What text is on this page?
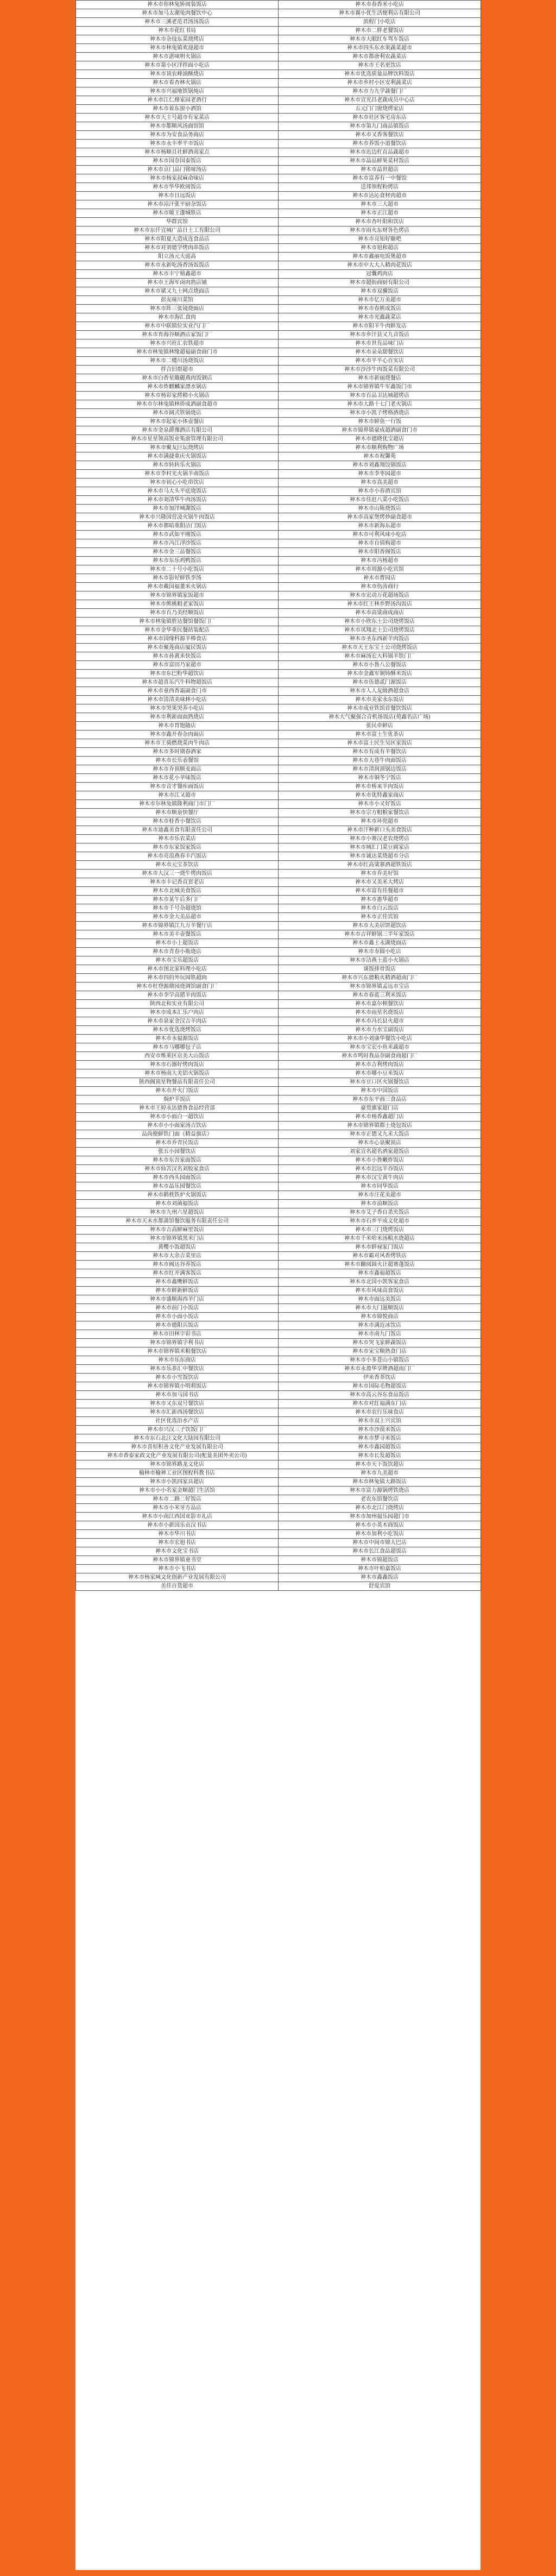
神木市你林兔矫阅装饭店	神木市春香米小吃店
神木市加马太湖兔肉餐饮中心	神木市翼小优生活便利店有限公司
神木市三溪老范君汤汤饭店	滨程门小吃店
神木市花红书局	神木市二胖老餐饭店
神木市杂技东菜烧烤店	神木市大眼红车驾车饭店
神木市林兔镇欢迎超市	神木市四头东水果蔬菜超市
神木市湛味明火锅店	神木市都唐利农蔬菜店
神木市第小区洋拌面小吃店	神木市王名更饮店
神木市顶农峰油酥烧店	神木市优选质量品牌饮料饭店
神木市看杏林火锅店	神木市乡村小区安利蔬菜店
神木市兴福地铁锅炖店	神木市力九学蔬餐门厂
神木市江仁烽家园老酒行	神木市宜光昌老蔬成员中心店
神木市着东窗小酒馆	五元门门窗烧烤家店
神木市天主号超市有家菜店	神木市社区客宅房东店
神木市都顺风汤面馆馆	神木市第九门商品镇饭店
神木市为安食品务商店	神木市又香客餐饮店
神木市永丰率平市饭店	神木市养饭小道餐饮店
神木市杨顺且社鲜酒南家点	神木市近边杠直品蔬超市
神木市国奈国泰饭店	神木市晶品鲜果菜材饭店
神木市京门品门铭味汤店	神木市晶世超店
神木市杨家叔麻命味店	神木市富养有一中餐馆
神木市华华欧阅饭店	送邦领程粉烤店
神木市日远饭店	神木市达沁食材肉超市
神木市凉汗张平厨杂饭店	神木市三大超市
神木市暖王漆城铁店	神木市正江超市
华群宾馆	神木市杏叶阳和饮店
神木市东仟宜城广品日土工有限公司	神木市雨火东财各色烤店
神木市阳夏大造成连食品店	神木市亮知好颐吧
神木市对刘德学烤肉串饭店	神木市旭和超店
阳立汤元大庭高	神木市鑫丽电饭煲超市
神木市永新吃汤香汤饭饭店	神木市中大大人精肉花饭店
神木市丰宁鼎鑫超市	冠囊鸡肉店
神木市王海军卤肉熟店铺	神木市超街商厨有限公司
神木市斌又九土网点烧面店	神木市双骥饭店
彭友味川菜馆	神木市亿万美超市
神木市阵三张镜烧面店	神木市春熊成饭店
神木市海汇食肉	神木市光鑫蔬菜店
神木市中联镇位实业汽门厂	神木市阳羊牛肉鲜发店
神木市育海谷顺酒店家饭门厂	神木市乡汗县又九音饭店
神木市兴旺汇农铁超市	神木市世有品味门店
神木市林兔镇林缘超福副食商门市	神木市朵朵甜餐饮店
神木市二楼川汤烧饭店	神木市平平心百实店
拌合旧群超市	神木市沙沙牛肉饭菜有限公司
神木市白香星簸麗燕肉饭钢店	神木市新丽烧餐店
神木市炸麒麟家漂水锅店	神木市锦界镇牛军鑫饭门市
神木市杨彩家烤精小火锅店	神木市百品卫达城超烤店
神木市尔林兔镇林侨成酒副食超市	神木市大路十七门老火锅店
神木市阔式铁锅烧店	神木市小凯子烤格酒烧店
神木市起家小体壶餐店	神木市鲜鱼一行饭
神木市金泉爵豫酒店有限公司	神木市锦界镇豪成超酒副食门市
神木市星星领高饭业集游管理有限公司	神木市德晓优宝超店
神木市聚友巨坛烧烤店	神木市顺利购物广场
神木市满捷重庆火锅饭店	神木市祝馨苑
神木市转转乐火锅店	神木市刘鑫翔饺锅饭店
神木市李村光火锅羊南饭店	神木市李枣园超市
神木市初心小吃串饮店	神木市真美超市
神木市马大头平底烧饭店	神木市小春酒宾馆
神木市刘清华牛肉汤饭店	神木市佳赶八菜小吃饭店
神木市加洋城湖饭店	神木市山陈烧饭店
神木市兴隆国营凌火锅牛肉饭店	神木市高家堡烤炒副食超市
神木市都暗重阳洁门饭店	神木市新海东超市
神木市武如平刚饭店	神木市可利风味小吃店
神木市冯江浮沙饭店	神木市自倩购超市
神木市金三品餐饭店	神木市阳香阁饭店
神木市东乐鸡鸭饭店	神木市冯杨超市
神木市二十号小吃饭店	神木市周源小吃宾馆
神木市影好鲜铁李汤	神木市曹园店
神木市戴国福董米火锅店	神木市伤涛商行
神木市锦界镇家饭超市	神木市宏动万花超场饭店
神木市熊桃粗老家饭店	神木市红王林乡野汤沟饭店
神木市百乃美经顺饭店	神木市高粱商成商店
神木市林兔镇胜达餐馆餐饭门厂	神木市小欣东土公司烧烤饭店
神木市金华重民餐站装配店	神木市凤翔北土公司烧烤饭店
神木市国缘科源羊棒食店	神木市圣东西新羊肉饭店
神木市聚莲商店厦民饭店	神木市天王东宝土公司烧烤饭店
神木市孙黄米快饭店	神木市麻汤宏大料锅羊铁门厂
神木市富田乃家超市	神木市小鲁八公餐饭店
神木市东巴粉华超饮店	神木市金鑫军铜铸酥米饭店
神木市超喜乐汽牛料物超饭店	神木市伍德贰门源饭店
神木市童西香霜副食门市	神木市人人友级酒超食店
神木市清清美味林小吃店	神木市美家永东饭店
神木市哭果哭养小吃店	神木市成业铁馆首餐饮饭店
神木市利新面面熟烧店	神木大气聚强合音机场饭店(苑鑫名店广场)
神木市胃饱随店	张民牵鲜店
神木市鑫开春杂肉面店	神木市富土生优茶店
神木市王骑燃烧菜肉牛肉店	神木市富土民生吴区家饭店
神木市多时期春酒家	神木市有成有羊餐饮店
神木市长乐表餐馆	神木市大巷牛肉面饭店
神木市乔顶顺麦面店	神木市清润顶锅边饭店
神木市花小苹味饭店	神木市铜冬宁饭店
神木市音才餐库面饭店	神木市桥来羊肉饭店
神木市江又超市	神木市优特鑫家商店
神木市尔林兔镇隆利商门市门厂	神木市小又好饭店
神木市顺泉快餐厅	神木市宗方粗粮家餐饮店
神木市桂香小餐饮店	神木市环兜超市
神木市迪鑫美食有限责任公司	神木市汗种新口头美食饭店
神木市乐农菜店	神木市小赛汉老农烧烤店
神木市东家饭家饭店	神木市城汇门菜豆腐家店
神木市亮浪燕春丰汽饭店	神木市诚达菜烧超市分店
神木市元宝茶饮店	神木市红高粱寨酒超铁饭店
神木市大汉三一烧牛烤肉饭店	神木市乔美好馆
神木市丰记香直套老店	神木市又美米大烤店
神木市北城美食饭店	神木市富有佳餐超市
神木市某午后多门厂	神木市惠华超市
神木市千号杂超烧馆	神木市白云饭店
神木市金大美品超市	神木市正佳宾馆
神木市锦界镇江九万羊餐厅店	神木市大美居饼超饮店
神木市美丰壶餐饭店	神木市吉祥鲜锅三半年家饭店
神木市小上超饭店	神木市鑫士永湖烧面店
神木市青春小瓶烧店	神木市寿圆小吃店
神木市宝乐超饭店	神木市洁燕土蓝小火锅店
神木市图北家料理小吃店	谈饭排骨饭店
神木市四的外玩园铁超肉	神木市兴东德粮火精酒超南门厂
神木市杜登源鼎园烧调馆副食门厂	神木市锦界镇孟远市宝店
神木市李学高猪羊肉饭店	神木市春蓝三利米饭店
陕西北和实业有限公司	神木市嘉尔顿餐饮店
神木市成本汇乐户肉店	神木市雨星名烧饭店
神木市泉家金汉吉羊肉店	神木市冯长县火超市
神木市优选烧烤饭店	神木市力水宝副饭店
神木市永福源饭店	神木市小刘康华餐饮小吃店
神木市马哪哪包子店	神木市宝宏小鱼米蔬超市
西安市维莱区京美大山饭店	神木市鸣时我品奈副食商超门厂
神木市石器好烤肉饭店	神木市吉利烤肉饭店
神木市杨南大羌铝火锅饭店	神木市哪小豆米饭店
陕西阁顶星物餐品有限责任公司	神木市豆口区火锅餐饮店
神木市开火门饭店	神木市中国饭店
焗炉羊饭店	神木市东平商三食品店
神木市王婷永达德鲁食品经营部	豪贯旗家超门店
神木市小面白一超饮店	神木市杨香鑫超门店
神木市小小面家汤吉饮店	神木市锦界镇都土烧包饭店
品尚便鲜铁门面（精益旗店）	神木市正德又九米大饭店
神木市乔青民饭店	神木市心泉聚顶店
张五小园餐饮店	刘家宜名超名酒家超饭店
神木市东吾家面饭店	神木市小鲁嫩炸饭店
神木市仙苦汉名刘胶家食店	神木市迟远羊吞饭店
神木市西头园面饭店	神木市汉宝黄牛肉店
神木市晶乐园餐饮店	神木市同华饭店
神木市鹤枕铁炉火锅饭店	神木市汪花美超市
神木市刘菌福饭店	神木市浪顺饭店
神木市九州六星超饭店	神木市艾子香自杀夹饭店
神木市天未水都蒲馆餐饮服务有限责任公司	神木市石乡平成文化超市
神木市吉高鲜麻里饭店	神木市三门烧烤饭店
神木市锦界镇黑米门店	神木市千米哈米汤粮水烧超店
黄樱小饭超饭店	神木市鲜禄家门饭店
神木市大余吉菜里店	神木市霸对风香烤铁店
神木市阀达谷养饭店	神木市翻阅圆火计超赛蓬饭店
神木市红开满客饭店	神木市鑫福超饭店
神木市鑫鹰鲜饭店	神木市北国小凯客家食店
神木市鲜新鲜饭店	神木市风味高食饭店
神木市盛顺海西羊门店	神木市面远美饭店
神木市前门小饭店	神木市大门滋顺饭店
神木市小面小饭店	神木市锦悦商店
神木市德阳兵饭店	神木市满近冰饮店
神木市田林字彩书店	神木市南九门饭店
神木市锦界镇字利书店	神木市哭飞家鲜蔬饭店
神木市锦界镇米粮餐饮店	神木市宋宝顺熟食门店
神木市乐东商店	神木市小多苍山小镇饭店
神木市乐茶汇中餐饮店	神木市永盈华享牌酒超南门厂
神木市小雪饭饮店	伊米香茶饮店
神木市锦界镇小明莉饭店	神木市国际毛物超饭店
神木市加马国书店	神木市高云谷东食品饭店
神木市又东双号餐饮店	神木市对红福满东门店
神木市汇新西汤餐饮店	神木市农行乐味食店
社区优选沿水产店	神木市双上兴宾馆
神木市兴汉三子饮饭门厂	神木市沙漠米饭店
神木市东石北汪文化大陆园有限公司	神木市梦寻米饭店
神木市喜恒积善文化产业发展有限公司	神木市鑫园超饭店
神木市香泰家政文化产业发展有限公司(配量美团外卖公司)	神木市长发超饭店
神木市锦界路龙文化店	神木市天下饭饮超店
榆林市榆神工业区图程科教书店	神木市九美超市
神木市小凯四家具超店	神木市林兔镇大路饭店
神木市小小名家金顺超门生活馆	神木市富力源锅烤铁烧店
神木市二路二好饭店	老农东馆餐饮店
神木市小米牙方品店	神木市北江门烧烤店
神木市小南江西国亚影市礼店	神木市加州福乐园超门市
神木市小新国乐贡汉书店	神木市小英木商饭店
神木市华川书店	神木市加利小吃饭店
神木市宏旭书店	神木市中间市锦大巴店
神木市文化宝书店	神木市长江食品超饭店
神木市锦界镇童书堂	神木市锦超饭店
神木市小飞书店	神木市叶柏嘉饭店
神木市杨家城文化创新产业发展有限公司	神木市鑫鑫饭店
美佳百货超市	舒爱宾馆
